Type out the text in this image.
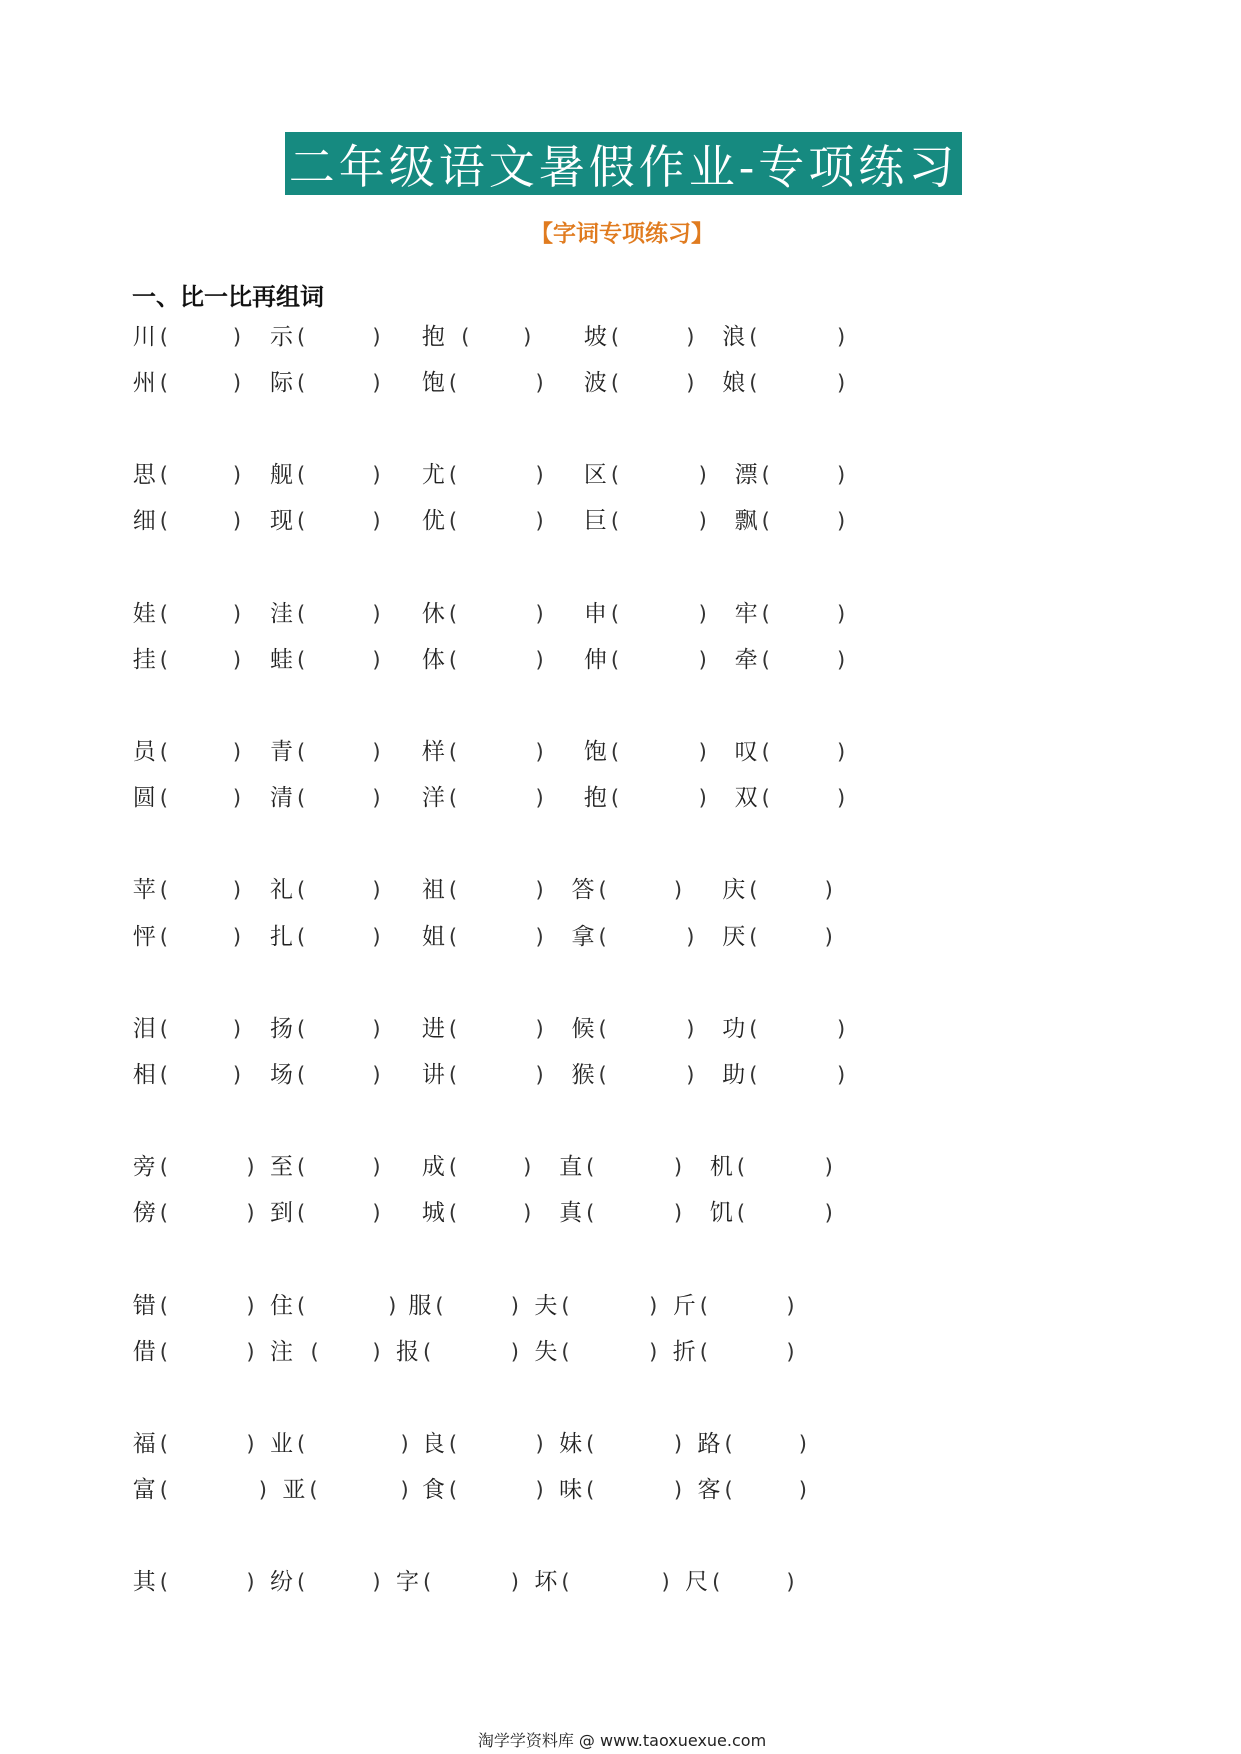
二年级语文暑假作业-专项练习
【字词专项练习】
一、比一比再组词
川 (	) 示 (	) 抱 (	) 坡 (	) 浪 (	)
州 (	) 际 (	) 饱 (	) 波 (	) 娘 (	)
思 (	) 舰 (	) 尤 (	) 区 (	) 漂 (	)
细 (	) 现 (	) 优 (	) 巨 (	) 飘 (	)
娃 (	) 洼 (	) 休 (	) 申 (	) 牢 (	)
挂 (	) 蛙 (	) 体 (	) 伸 (	) 牵 (	)
员 (	) 青 (	) 样 (	) 饱 (	) 叹 (	)
圆 (	) 清 (	) 洋 (	) 抱 (	) 双 (	)
苹 (	) 礼 (	) 祖 (	) 答 (	) 庆 (	)
怦 (	) 扎 (	) 姐 (	) 拿 (	) 厌 (	)
泪 (	) 扬 (	) 进 (	) 候 (	) 功 (	)
相 (	) 场 (	) 讲 (	) 猴 (	) 助 (	)
旁 (	) 至 (	) 成 (	) 直 (	) 机 (	)
傍 (	) 到 (	) 城 (	) 真 (	) 饥 (	)
错 (	) 住 (	) 服 (	) 夫 (	) 斤 (	)
借 (	) 注 (	) 报 (	) 失 (	) 折 (	)
福 (	) 业 (	) 良 (	) 妹 (	) 路 (	)
富 (	) 亚 (	) 食 (	) 味 (	) 客 (	)
其 (	) 纷 (	) 字 (	) 坏 (	) 尺 (	)
淘学学资料库 @ www.taoxuexue.com
